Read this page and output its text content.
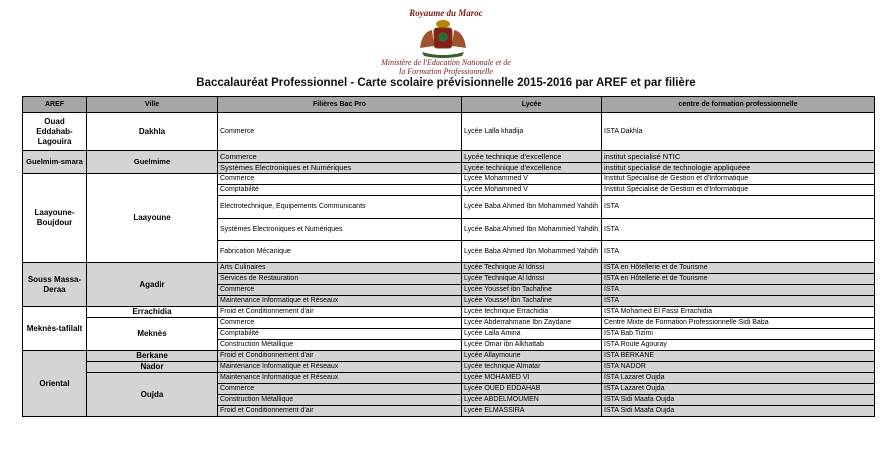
Royaume du Maroc
Ministère de l'Education Nationale et de
la Formation Professionnelle
Baccalauréat Professionnel - Carte scolaire prévisionnelle 2015-2016 par AREF et par filière
AREF	Ville	Filières Bac Pro	Lycée	centre de formation professionnelle
Ouad Eddahab-Lagouira	Dakhla	Commerce	Lycée Lalla khadija	ISTA Dakhla
Guelmim-smara	Guelmime	Commerce	Lycée technique d'excellence	institut specialisé NTIC
		Systèmes Electroniques et Numériques	Lycée technique d'excellence	institut specialisé de technologie appliquéee
Laayoune-Boujdour	Laayoune	Commerce	Lycée Mohammed V	Institut Spécialisé de Gestion et d'Informatique
		Comptabilité	Lycée Mohammed V	Institut Spécialisé de Gestion et d'Informatique
		Electrotechnique, Equipements Communicants	Lycée Baba Ahmed Ibn Mohammed Yahdih	ISTA
		Systèmes Electroniques et Numériques	Lycée Baba Ahmed Ibn Mohammed Yahdih	ISTA
		Fabrication Mécanique	Lycée Baba Ahmed Ibn Mohammed Yahdih	ISTA
Souss Massa-Deraa	Agadir	Arts Culinaires	Lycée Technique Al Idrissi	ISTA en Hôtellerie et de Tourisme
		Services de Restauration	Lycée Technique Al Idrissi	ISTA en Hôtellerie et de Tourisme
		Commerce	Lycée Youssef ibn Tachafine	ISTA
		Maintenance Informatique et Réseaux	Lycée Youssef ibn Tachafine	ISTA
Meknès-tafilalt	Errachidia	Froid et Conditionnement d'air	Lycée technique Errachidia	ISTA Mohamed El Fassi Errachidia
	Meknès	Commerce	Lycée Abderrahmane Ibn Zaydane	Centre Mixte de Formation Professionnelle Sidi Baba
		Comptabilité	Lycée Lalla Amina	ISTA Bab Tizimi
		Construction Métallique	Lycée Omar ibn Alkhattab	ISTA Route Agouray
Oriental	Berkane	Froid et Conditionnement d'air	Lycée Allaymoune	ISTA BERKANE
	Nador	Maintenance Informatique et Réseaux	Lycée technique Almatar	ISTA NADOR
	Oujda	Maintenance Informatique et Réseaux	Lycée MOHAMED VI	ISTA Lazaret Oujda
		Commerce	Lycée OUED EDDAHAB	ISTA Lazaret Oujda
		Construction Métallique	Lycée ABDELMOUMEN	ISTA Sidi Maafa Oujda
		Froid et Conditionnement d'air	Lycée ELMASSIRA	ISTA Sidi Maafa Oujda
